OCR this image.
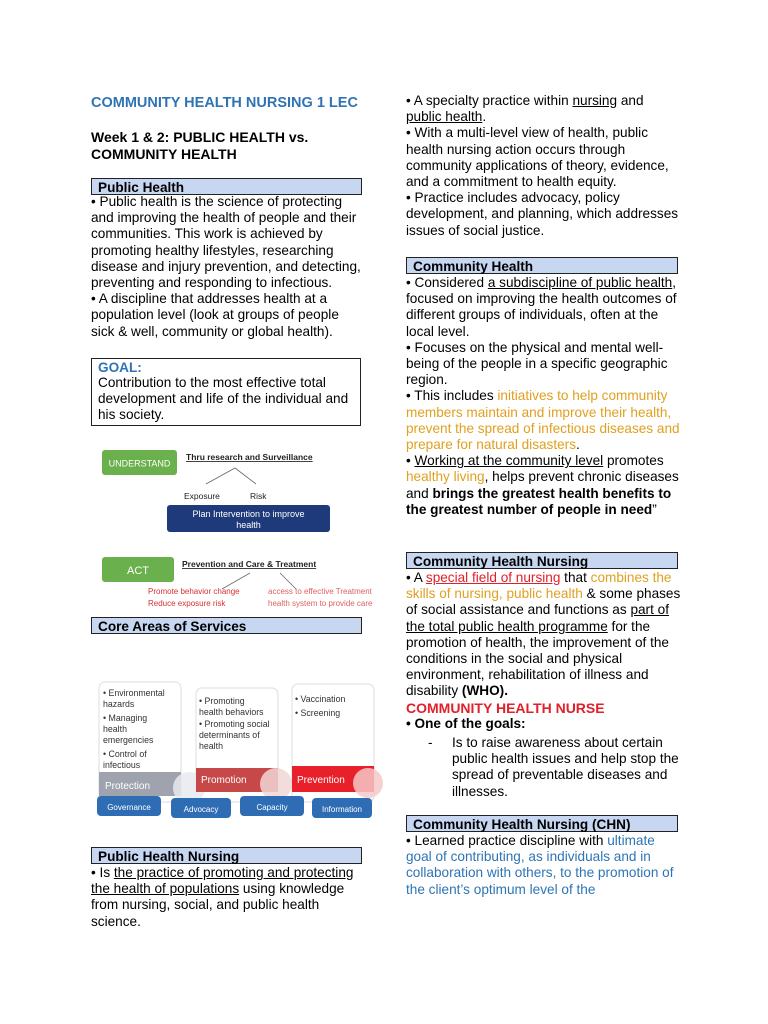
COMMUNITY HEALTH NURSING 1 LEC
Week 1 & 2: PUBLIC HEALTH vs. COMMUNITY HEALTH
Public Health

• Public health is the science of protecting and improving the health of people and their communities. This work is achieved by promoting healthy lifestyles, researching disease and injury prevention, and detecting, preventing and responding to infectious.

• A discipline that addresses health at a population level (look at groups of people sick & well, community or global health).

GOAL:
Contribution to the most effective total development and life of the individual and his society.
UNDERSTAND
Thru research and Surveillance
Exposure	Risk
Plan Intervention to improve
health
ACT
Prevention and Care & Treatment
Promote behavior change
Reduce exposure risk
access to effective Treatment
health system to provide care
Core Areas of Services
• Environmental hazards • Managing health emergencies • Control of infectious
• Promoting health behaviors • Promoting social determinants of health
• Vaccination • Screening
Protection
Promotion	Prevention
Governance	Advocacy	Capacity	Information
Public Health Nursing
• Is the practice of promoting and protecting the health of populations using knowledge from nursing, social, and public health science.

• A specialty practice within nursing and public health.

• With a multi-level view of health, public health nursing action occurs through community applications of theory, evidence, and a commitment to health equity.

• Practice includes advocacy, policy development, and planning, which addresses issues of social justice.

Community Health

• Considered a subdiscipline of public health, focused on improving the health outcomes of different groups of individuals, often at the local level.

• Focuses on the physical and mental well-being of the people in a specific geographic region.

• This includes initiatives to help community members maintain and improve their health, prevent the spread of infectious diseases and prepare for natural disasters.

• Working at the community level promotes healthy living, helps prevent chronic diseases and brings the greatest health benefits to the greatest number of people in need”

Community Health Nursing

• A special field of nursing that combines the skills of nursing, public health & some phases of social assistance and functions as part of the total public health programme for the promotion of health, the improvement of the conditions in the social and physical environment, rehabilitation of illness and disability (WHO).

COMMUNITY HEALTH NURSE

• One of the goals:

- Is to raise awareness about certain public health issues and help stop the spread of preventable diseases and illnesses.
Community Health Nursing (CHN)
• Learned practice discipline with ultimate goal of contributing, as individuals and in collaboration with others, to the promotion of the client’s optimum level of the
